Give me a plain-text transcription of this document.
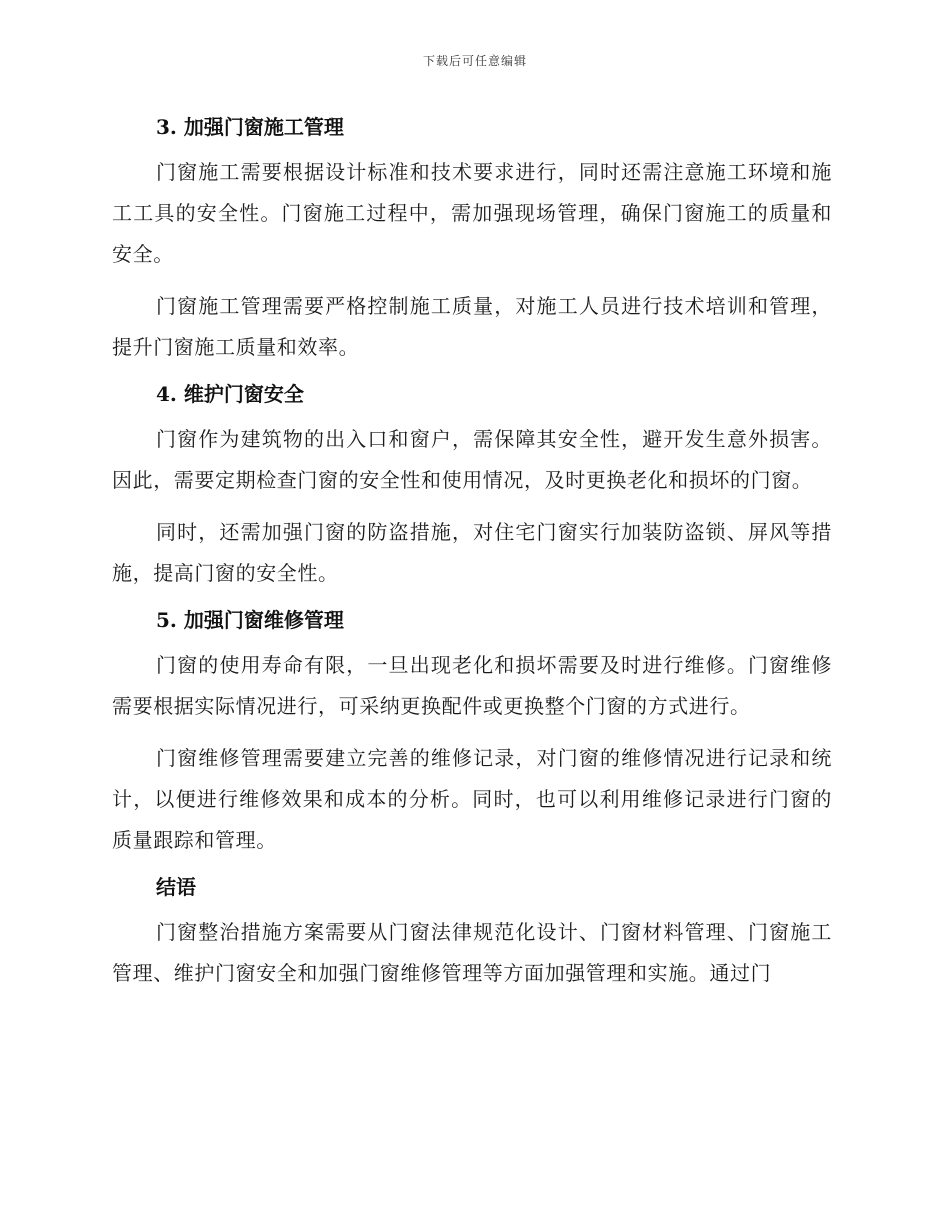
下载后可任意编辑
3. 加强门窗施工管理

门窗施工需要根据设计标准和技术要求进行，同时还需注意施工环境和施工工具的安全性。门窗施工过程中，需加强现场管理，确保门窗施工的质量和安全。

门窗施工管理需要严格控制施工质量，对施工人员进行技术培训和管理，提升门窗施工质量和效率。

4. 维护门窗安全

门窗作为建筑物的出入口和窗户，需保障其安全性，避开发生意外损害。因此，需要定期检查门窗的安全性和使用情况，及时更换老化和损坏的门窗。

同时，还需加强门窗的防盗措施，对住宅门窗实行加装防盗锁、屏风等措施，提高门窗的安全性。

5. 加强门窗维修管理

门窗的使用寿命有限，一旦出现老化和损坏需要及时进行维修。门窗维修需要根据实际情况进行，可采纳更换配件或更换整个门窗的方式进行。

门窗维修管理需要建立完善的维修记录，对门窗的维修情况进行记录和统计，以便进行维修效果和成本的分析。同时，也可以利用维修记录进行门窗的质量跟踪和管理。

结语

门窗整治措施方案需要从门窗法律规范化设计、门窗材料管理、门窗施工管理、维护门窗安全和加强门窗维修管理等方面加强管理和实施。通过门
